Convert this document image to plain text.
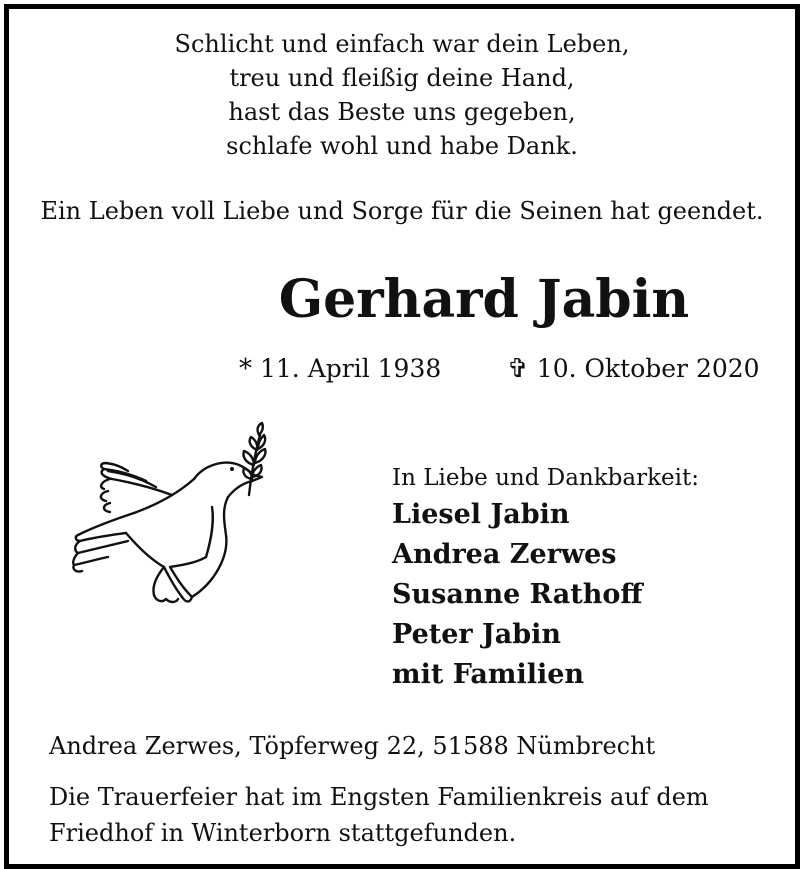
Schlicht und einfach war dein Leben,
treu und fleißig deine Hand,
hast das Beste uns gegeben,
schlafe wohl und habe Dank.
Ein Leben voll Liebe und Sorge für die Seinen hat geendet.
Gerhard Jabin
* 11. April 1938	✞ 10. Oktober 2020
In Liebe und Dankbarkeit:
Liesel Jabin
Andrea Zerwes
Susanne Rathoff
Peter Jabin
mit Familien
Andrea Zerwes, Töpferweg 22, 51588 Nümbrecht
Die Trauerfeier hat im Engsten Familienkreis auf dem
Friedhof in Winterborn stattgefunden.
